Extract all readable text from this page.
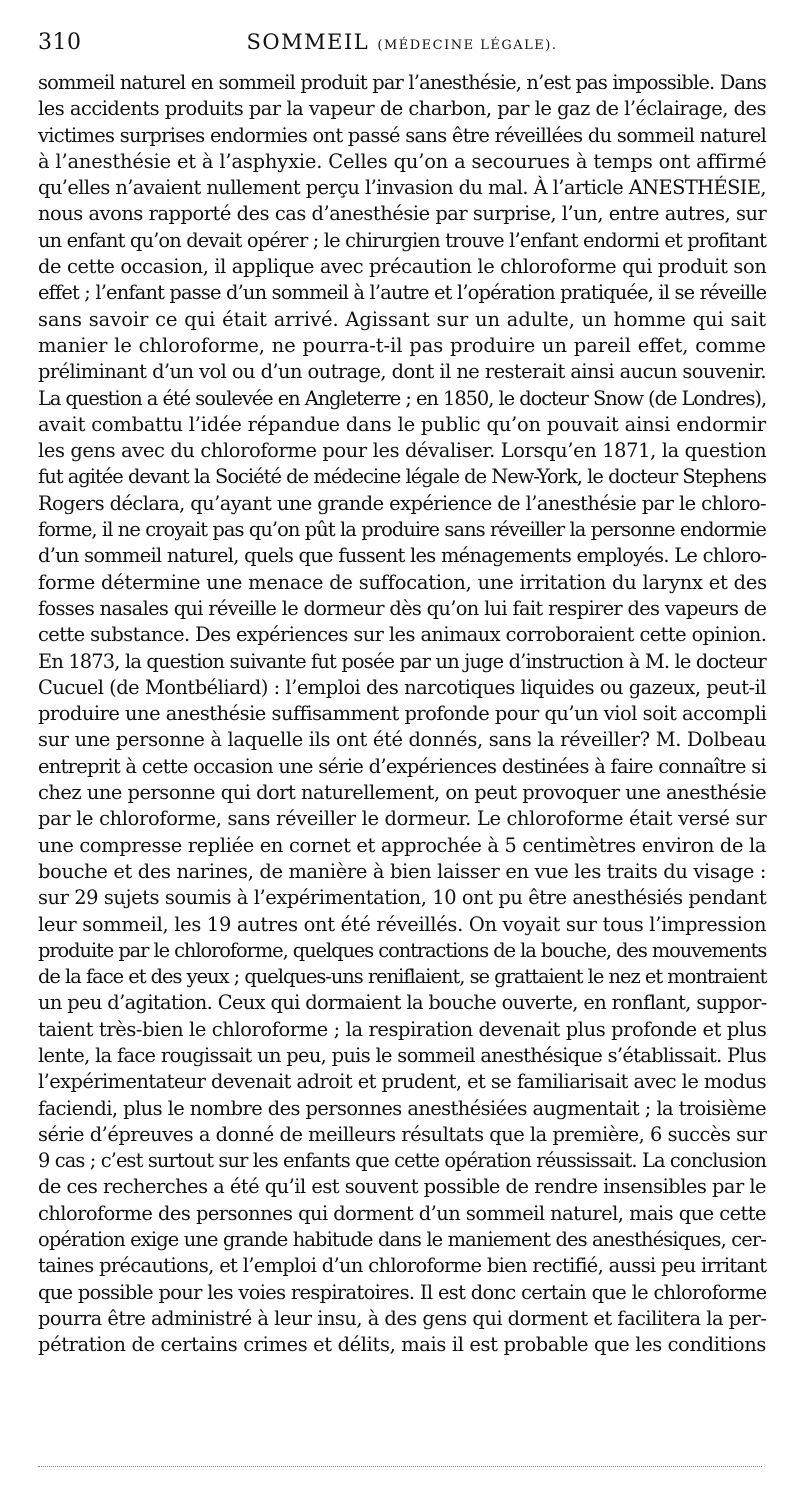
310	SOMMEIL (MÉDECINE LÉGALE).
sommeil naturel en sommeil produit par l’anesthésie, n’est pas impossible. Dans
les accidents produits par la vapeur de charbon, par le gaz de l’éclairage, des
victimes surprises endormies ont passé sans être réveillées du sommeil naturel
à l’anesthésie et à l’asphyxie. Celles qu’on a secourues à temps ont affirmé
qu’elles n’avaient nullement perçu l’invasion du mal. À l’article ANESTHÉSIE,
nous avons rapporté des cas d’anesthésie par surprise, l’un, entre autres, sur
un enfant qu’on devait opérer ; le chirurgien trouve l’enfant endormi et profitant
de cette occasion, il applique avec précaution le chloroforme qui produit son
effet ; l’enfant passe d’un sommeil à l’autre et l’opération pratiquée, il se réveille
sans savoir ce qui était arrivé. Agissant sur un adulte, un homme qui sait
manier le chloroforme, ne pourra-t-il pas produire un pareil effet, comme
préliminant d’un vol ou d’un outrage, dont il ne resterait ainsi aucun souvenir.
La question a été soulevée en Angleterre ; en 1850, le docteur Snow (de Londres),
avait combattu l’idée répandue dans le public qu’on pouvait ainsi endormir
les gens avec du chloroforme pour les dévaliser. Lorsqu’en 1871, la question
fut agitée devant la Société de médecine légale de New-York, le docteur Stephens
Rogers déclara, qu’ayant une grande expérience de l’anesthésie par le chloro-
forme, il ne croyait pas qu’on pût la produire sans réveiller la personne endormie
d’un sommeil naturel, quels que fussent les ménagements employés. Le chloro-
forme détermine une menace de suffocation, une irritation du larynx et des
fosses nasales qui réveille le dormeur dès qu’on lui fait respirer des vapeurs de
cette substance. Des expériences sur les animaux corroboraient cette opinion.
En 1873, la question suivante fut posée par un juge d’instruction à M. le docteur
Cucuel (de Montbéliard) : l’emploi des narcotiques liquides ou gazeux, peut-il
produire une anesthésie suffisamment profonde pour qu’un viol soit accompli
sur une personne à laquelle ils ont été donnés, sans la réveiller? M. Dolbeau
entreprit à cette occasion une série d’expériences destinées à faire connaître si
chez une personne qui dort naturellement, on peut provoquer une anesthésie
par le chloroforme, sans réveiller le dormeur. Le chloroforme était versé sur
une compresse repliée en cornet et approchée à 5 centimètres environ de la
bouche et des narines, de manière à bien laisser en vue les traits du visage :
sur 29 sujets soumis à l’expérimentation, 10 ont pu être anesthésiés pendant
leur sommeil, les 19 autres ont été réveillés. On voyait sur tous l’impression
produite par le chloroforme, quelques contractions de la bouche, des mouvements
de la face et des yeux ; quelques-uns reniflaient, se grattaient le nez et montraient
un peu d’agitation. Ceux qui dormaient la bouche ouverte, en ronflant, suppor-
taient très-bien le chloroforme ; la respiration devenait plus profonde et plus
lente, la face rougissait un peu, puis le sommeil anesthésique s’établissait. Plus
l’expérimentateur devenait adroit et prudent, et se familiarisait avec le modus
faciendi, plus le nombre des personnes anesthésiées augmentait ; la troisième
série d’épreuves a donné de meilleurs résultats que la première, 6 succès sur
9 cas ; c’est surtout sur les enfants que cette opération réussissait. La conclusion
de ces recherches a été qu’il est souvent possible de rendre insensibles par le
chloroforme des personnes qui dorment d’un sommeil naturel, mais que cette
opération exige une grande habitude dans le maniement des anesthésiques, cer-
taines précautions, et l’emploi d’un chloroforme bien rectifié, aussi peu irritant
que possible pour les voies respiratoires. Il est donc certain que le chloroforme
pourra être administré à leur insu, à des gens qui dorment et facilitera la per-
pétration de certains crimes et délits, mais il est probable que les conditions
